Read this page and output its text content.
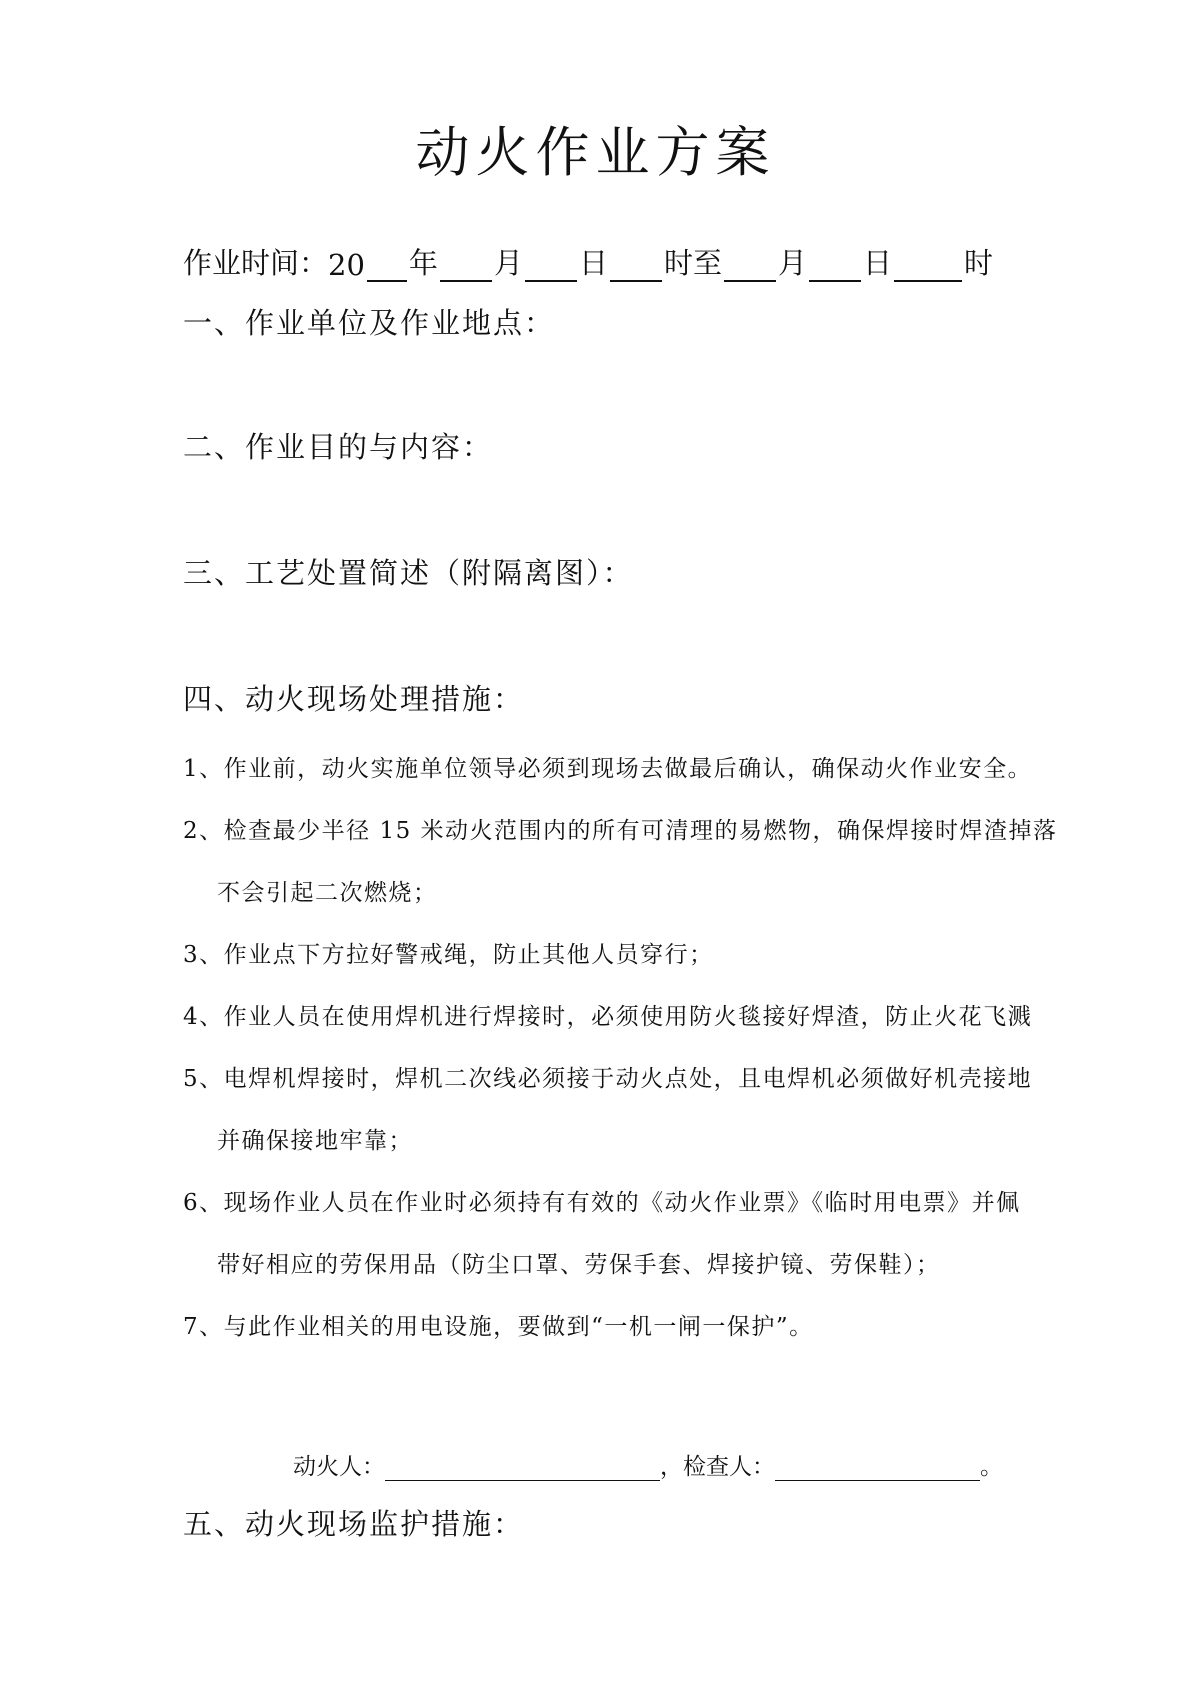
动火作业方案
作业时间： 20 年 月 日 时至 月 日 时
一、作业单位及作业地点：
二、作业目的与内容：
三、工艺处置简述（附隔离图）：
四、动火现场处理措施：
1、作业前，动火实施单位领导必须到现场去做最后确认，确保动火作业安全。
2、检查最少半径 15 米动火范围内的所有可清理的易燃物，确保焊接时焊渣掉落
不会引起二次燃烧；
3、作业点下方拉好警戒绳，防止其他人员穿行；
4、作业人员在使用焊机进行焊接时，必须使用防火毯接好焊渣，防止火花飞溅
5、电焊机焊接时，焊机二次线必须接于动火点处，且电焊机必须做好机壳接地
并确保接地牢靠；
6、现场作业人员在作业时必须持有有效的《动火作业票》《临时用电票》并佩
带好相应的劳保用品（防尘口罩、劳保手套、焊接护镜、劳保鞋）；
7、与此作业相关的用电设施，要做到“一机一闸一保护”。
动火人：	，检查人：	。
五、动火现场监护措施：
